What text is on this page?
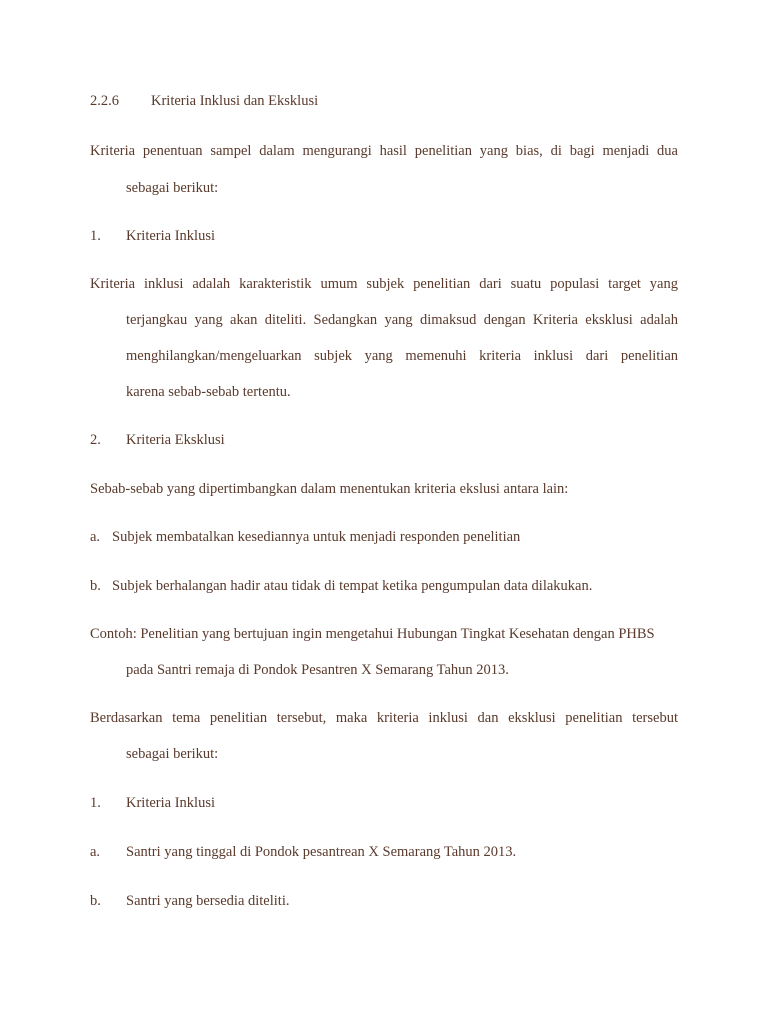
2.2.6 Kriteria Inklusi dan Eksklusi
Kriteria penentuan sampel dalam mengurangi hasil penelitian yang bias, di bagi menjadi dua
sebagai berikut:
1. Kriteria Inklusi
Kriteria inklusi adalah karakteristik umum subjek penelitian dari suatu populasi target yang
terjangkau yang akan diteliti. Sedangkan yang dimaksud dengan Kriteria eksklusi adalah
menghilangkan/mengeluarkan subjek yang memenuhi kriteria inklusi dari penelitian
karena sebab-sebab tertentu.
2. Kriteria Eksklusi
Sebab-sebab yang dipertimbangkan dalam menentukan kriteria ekslusi antara lain:
a. Subjek membatalkan kesediannya untuk menjadi responden penelitian
b. Subjek berhalangan hadir atau tidak di tempat ketika pengumpulan data dilakukan.
Contoh: Penelitian yang bertujuan ingin mengetahui Hubungan Tingkat Kesehatan dengan PHBS
pada Santri remaja di Pondok Pesantren X Semarang Tahun 2013.
Berdasarkan tema penelitian tersebut, maka kriteria inklusi dan eksklusi penelitian tersebut
sebagai berikut:
1. Kriteria Inklusi
a. Santri yang tinggal di Pondok pesantrean X Semarang Tahun 2013.
b. Santri yang bersedia diteliti.
